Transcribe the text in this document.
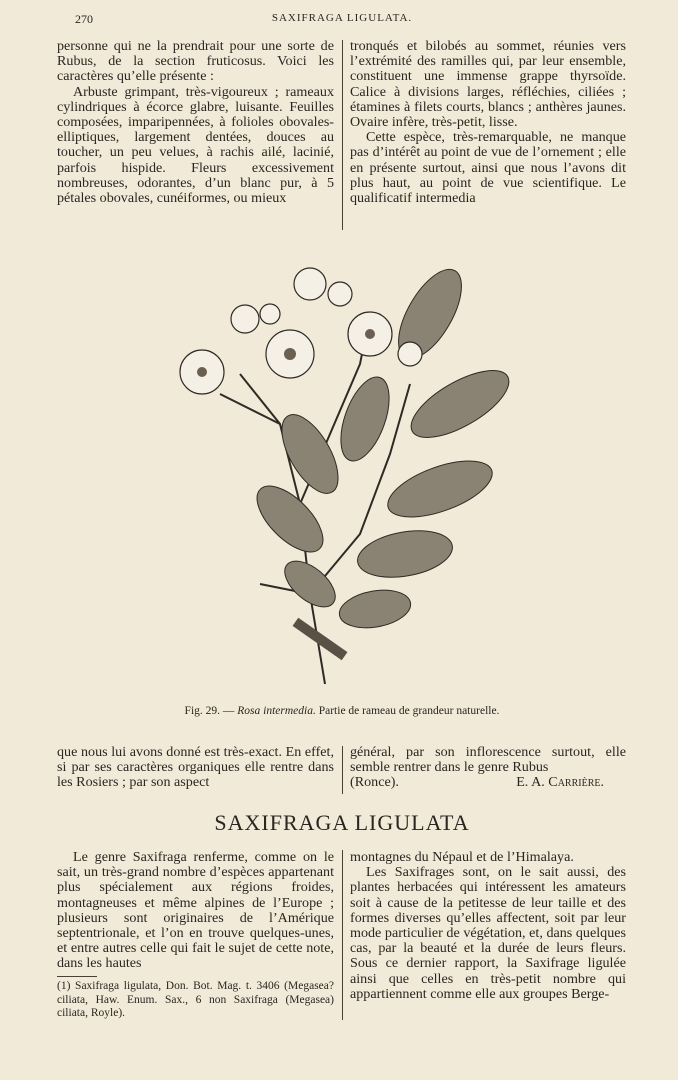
270	SAXIFRAGA LIGULATA.

personne qui ne la prendrait pour une sorte de Rubus, de la section fruticosus. Voici les caractères qu’elle présente :

Arbuste grimpant, très-vigoureux ; rameaux cylindriques à écorce glabre, luisante. Feuilles composées, imparipennées, à folioles obovales-elliptiques, largement dentées, douces au toucher, un peu velues, à rachis ailé, lacinié, parfois hispide. Fleurs excessivement nombreuses, odorantes, d’un blanc pur, à 5 pétales obovales, cunéiformes, ou mieux

tronqués et bilobés au sommet, réunies vers l’extrémité des ramilles qui, par leur ensemble, constituent une immense grappe thyrsoïde. Calice à divisions larges, réfléchies, ciliées ; étamines à filets courts, blancs ; anthères jaunes. Ovaire infère, très-petit, lisse.

Cette espèce, très-remarquable, ne manque pas d’intérêt au point de vue de l’ornement ; elle en présente surtout, ainsi que nous l’avons dit plus haut, au point de vue scientifique. Le qualificatif intermedia

Fig. 29. — Rosa intermedia. Partie de rameau de grandeur naturelle.

que nous lui avons donné est très-exact. En effet, si par ses caractères organiques elle rentre dans les Rosiers ; par son aspect

général, par son inflorescence surtout, elle semble rentrer dans le genre Rubus

(Ronce).	E. A. Carrière.
SAXIFRAGA LIGULATA

Le genre Saxifraga renferme, comme on le sait, un très-grand nombre d’espèces appartenant plus spécialement aux régions froides, montagneuses et même alpines de l’Europe ; plusieurs sont originaires de l’Amérique septentrionale, et l’on en trouve quelques-unes, et entre autres celle qui fait le sujet de cette note, dans les hautes

(1) Saxifraga ligulata, Don. Bot. Mag. t. 3406 (Megasea? ciliata, Haw. Enum. Sax., 6 non Saxifraga (Megasea) ciliata, Royle).

montagnes du Népaul et de l’Himalaya.

Les Saxifrages sont, on le sait aussi, des plantes herbacées qui intéressent les amateurs soit à cause de la petitesse de leur taille et des formes diverses qu’elles affectent, soit par leur mode particulier de végétation, et, dans quelques cas, par la beauté et la durée de leurs fleurs. Sous ce dernier rapport, la Saxifrage ligulée ainsi que celles en très-petit nombre qui appartiennent comme elle aux groupes Berge-
